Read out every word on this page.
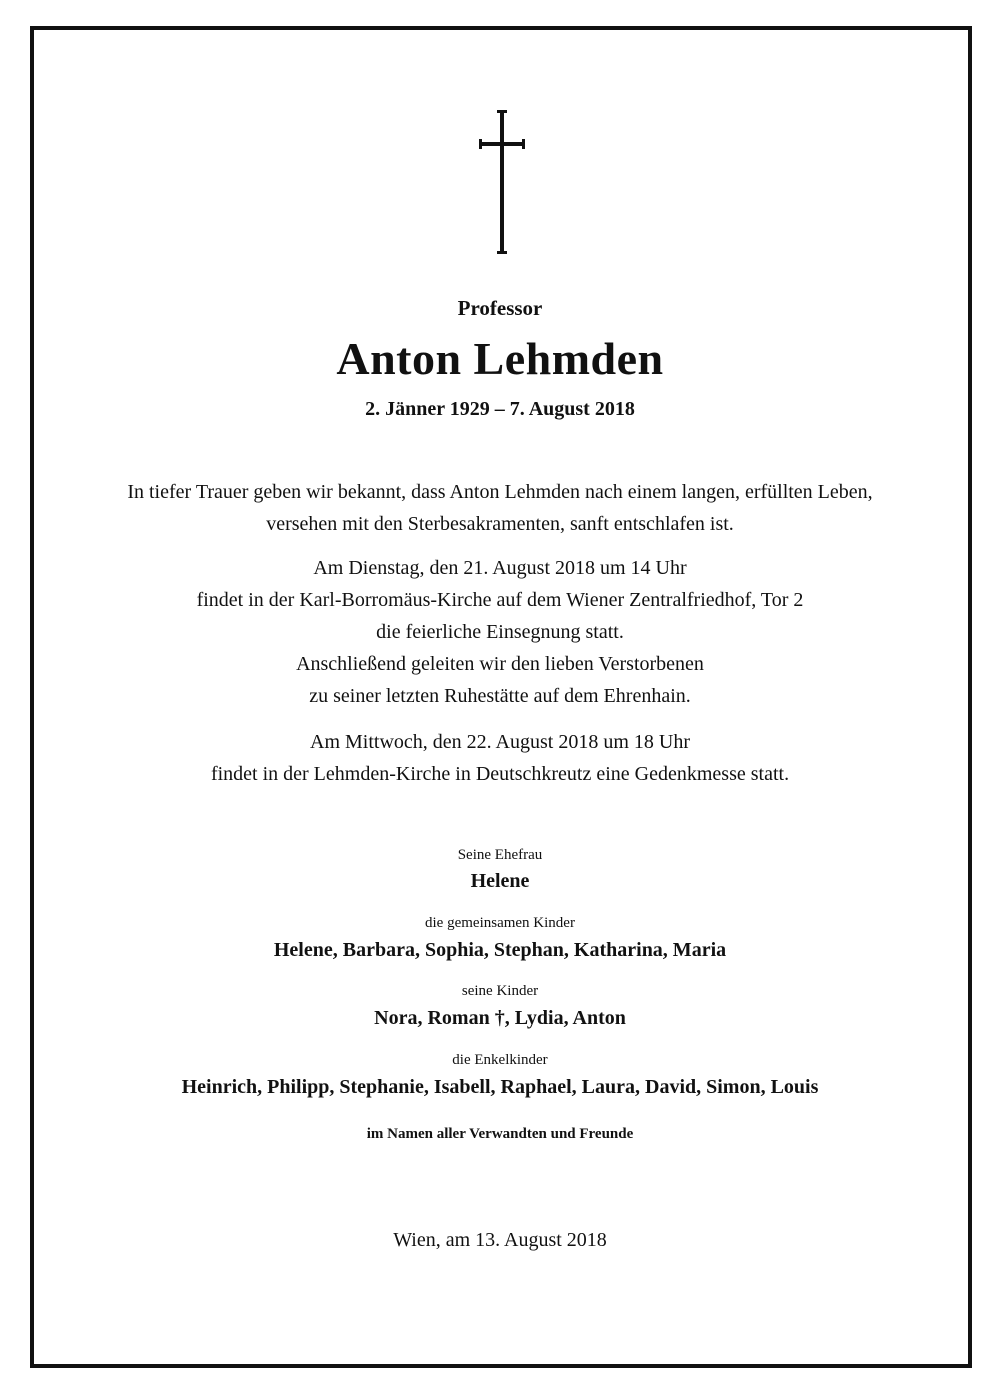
Professor
Anton Lehmden
2. Jänner 1929 – 7. August 2018
In tiefer Trauer geben wir bekannt, dass Anton Lehmden nach einem langen, erfüllten Leben,
versehen mit den Sterbesakramenten, sanft entschlafen ist.
Am Dienstag, den 21. August 2018 um 14 Uhr
findet in der Karl-Borromäus-Kirche auf dem Wiener Zentralfriedhof, Tor 2
die feierliche Einsegnung statt.
Anschließend geleiten wir den lieben Verstorbenen
zu seiner letzten Ruhestätte auf dem Ehrenhain.
Am Mittwoch, den 22. August 2018 um 18 Uhr
findet in der Lehmden-Kirche in Deutschkreutz eine Gedenkmesse statt.
Seine Ehefrau
Helene
die gemeinsamen Kinder
Helene, Barbara, Sophia, Stephan, Katharina, Maria
seine Kinder
Nora, Roman †, Lydia, Anton
die Enkelkinder
Heinrich, Philipp, Stephanie, Isabell, Raphael, Laura, David, Simon, Louis
im Namen aller Verwandten und Freunde
Wien, am 13. August 2018
